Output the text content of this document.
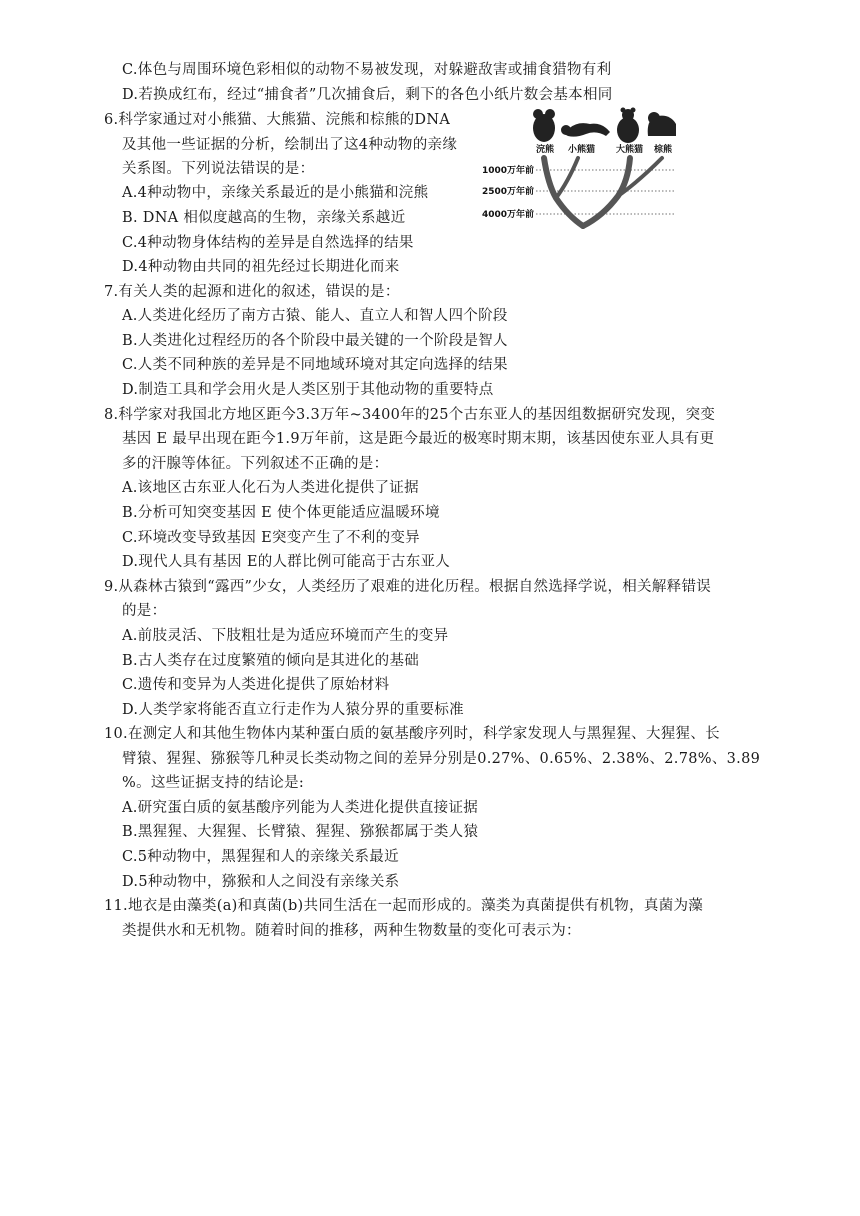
C.体色与周围环境色彩相似的动物不易被发现，对躲避敌害或捕食猎物有利
D.若换成红布，经过“捕食者”几次捕食后，剩下的各色小纸片数会基本相同
6.科学家通过对小熊猫、大熊猫、浣熊和棕熊的DNA
及其他一些证据的分析，绘制出了这4种动物的亲缘
关系图。下列说法错误的是：
A.4种动物中，亲缘关系最近的是小熊猫和浣熊
B. DNA 相似度越高的生物，亲缘关系越近
C.4种动物身体结构的差异是自然选择的结果
D.4种动物由共同的祖先经过长期进化而来
浣熊 小熊猫 大熊猫 棕熊
1000万年前
2500万年前
4000万年前
7.有关人类的起源和进化的叙述，错误的是：
A.人类进化经历了南方古猿、能人、直立人和智人四个阶段
B.人类进化过程经历的各个阶段中最关键的一个阶段是智人
C.人类不同种族的差异是不同地域环境对其定向选择的结果
D.制造工具和学会用火是人类区别于其他动物的重要特点
8.科学家对我国北方地区距今3.3万年~3400年的25个古东亚人的基因组数据研究发现，突变
基因 E 最早出现在距今1.9万年前，这是距今最近的极寒时期末期，该基因使东亚人具有更
多的汗腺等体征。下列叙述不正确的是：
A.该地区古东亚人化石为人类进化提供了证据
B.分析可知突变基因 E 使个体更能适应温暖环境
C.环境改变导致基因 E突变产生了不利的变异
D.现代人具有基因 E的人群比例可能高于古东亚人
9.从森林古猿到“露西”少女，人类经历了艰难的进化历程。根据自然选择学说，相关解释错误
的是：
A.前肢灵活、下肢粗壮是为适应环境而产生的变异
B.古人类存在过度繁殖的倾向是其进化的基础
C.遗传和变异为人类进化提供了原始材料
D.人类学家将能否直立行走作为人猿分界的重要标准
10.在测定人和其他生物体内某种蛋白质的氨基酸序列时，科学家发现人与黑猩猩、大猩猩、长
臂猿、猩猩、猕猴等几种灵长类动物之间的差异分别是0.27%、0.65%、2.38%、2.78%、3.89
%。这些证据支持的结论是:
A.研究蛋白质的氨基酸序列能为人类进化提供直接证据
B.黑猩猩、大猩猩、长臂猿、猩猩、猕猴都属于类人猿
C.5种动物中，黑猩猩和人的亲缘关系最近
D.5种动物中，猕猴和人之间没有亲缘关系
11.地衣是由藻类(a)和真菌(b)共同生活在一起而形成的。藻类为真菌提供有机物，真菌为藻
类提供水和无机物。随着时间的推移，两种生物数量的变化可表示为：
